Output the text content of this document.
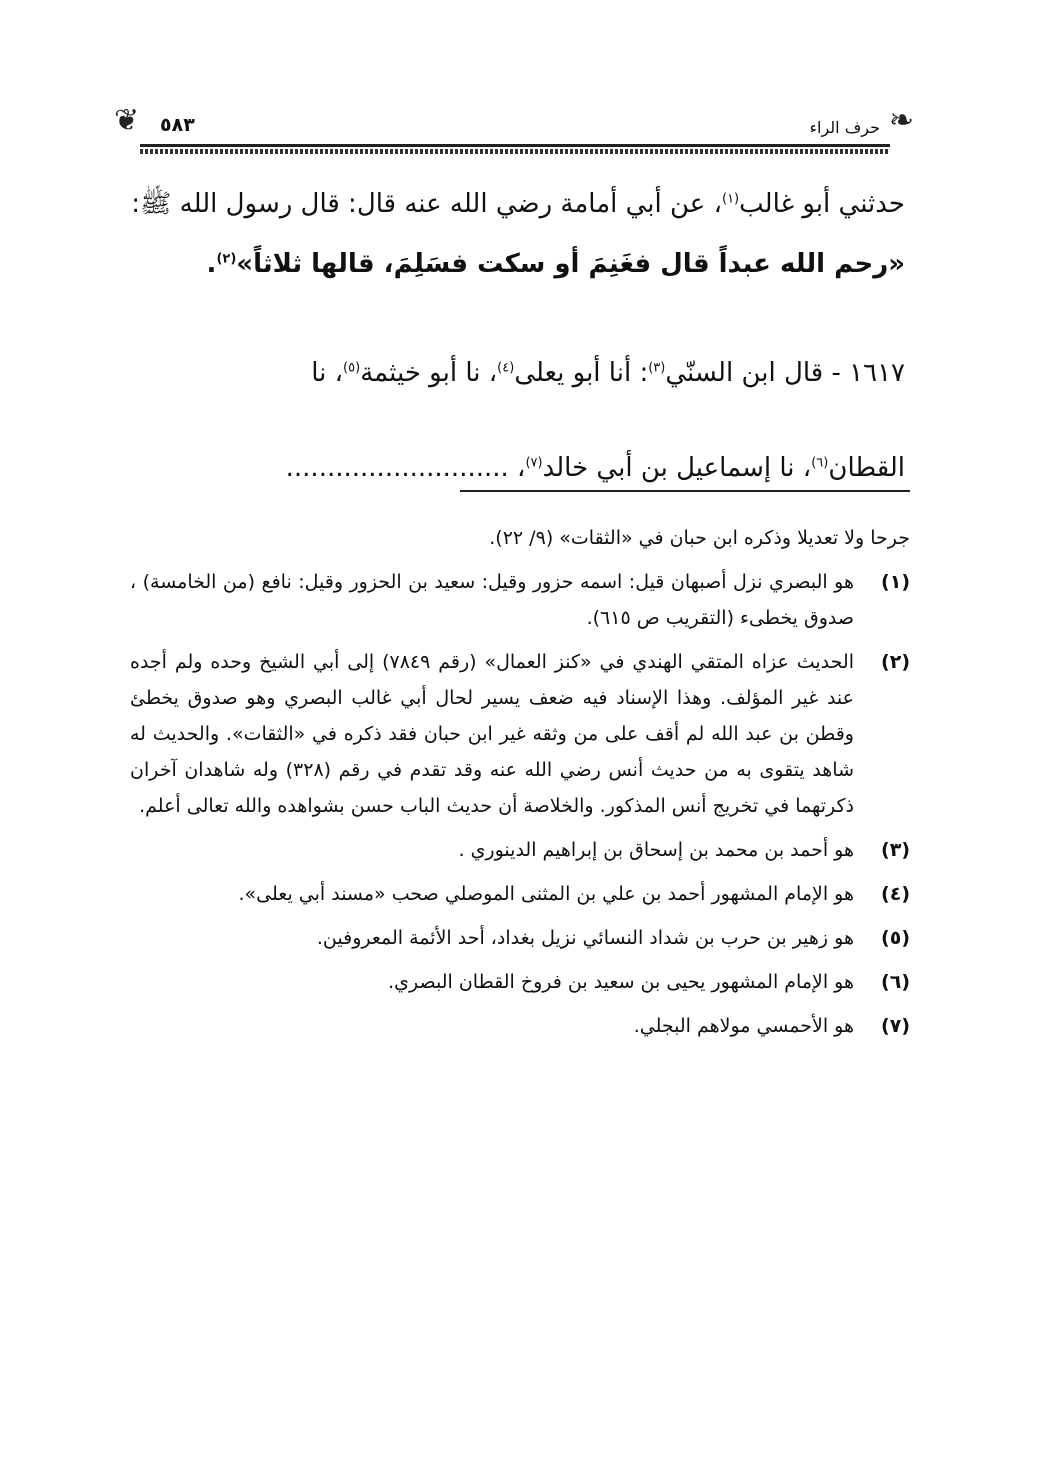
❦ ٥٨٣	حرف الراء ❧
حدثني أبو غالب$^{(١)}$، عن أبي أمامة رضي الله عنه قال: قال رسول الله ﷺ:
«رحم الله عبداً قال فغَنِمَ أو سكت فسَلِمَ، قالها ثلاثاً»$^{(٢)}$.
١٦١٧ - قال ابن السنّي$^{(٣)}$: أنا أبو يعلى$^{(٤)}$، نا أبو خيثمة$^{(٥)}$، نا
القطان$^{(٦)}$، نا إسماعيل بن أبي خالد$^{(٧)}$، ...........................
جرحا ولا تعديلا وذكره ابن حبان في «الثقات» (٩/ ٢٢).
(١)
هو البصري نزل أصبهان قيل: اسمه حزور وقيل: سعيد بن الحزور وقيل: نافع (من الخامسة) ، صدوق يخطىء (التقريب ص ٦١٥).
(٢)
الحديث عزاه المتقي الهندي في «كنز العمال» (رقم ٧٨٤٩) إلى أبي الشيخ وحده ولم أجده عند غير المؤلف. وهذا الإسناد فيه ضعف يسير لحال أبي غالب البصري وهو صدوق يخطئ وقطن بن عبد الله لم أقف على من وثقه غير ابن حبان فقد ذكره في «الثقات». والحديث له شاهد يتقوى به من حديث أنس رضي الله عنه وقد تقدم في رقم (٣٢٨) وله شاهدان آخران ذكرتهما في تخريج أنس المذكور. والخلاصة أن حديث الباب حسن بشواهده والله تعالى أعلم.
(٣)
هو أحمد بن محمد بن إسحاق بن إبراهيم الدينوري .
(٤)
هو الإمام المشهور أحمد بن علي بن المثنى الموصلي صحب «مسند أبي يعلى».
(٥)
هو زهير بن حرب بن شداد النسائي نزيل بغداد، أحد الأئمة المعروفين.
(٦)
هو الإمام المشهور يحيى بن سعيد بن فروخ القطان البصري.
(٧)
هو الأحمسي مولاهم البجلي.
